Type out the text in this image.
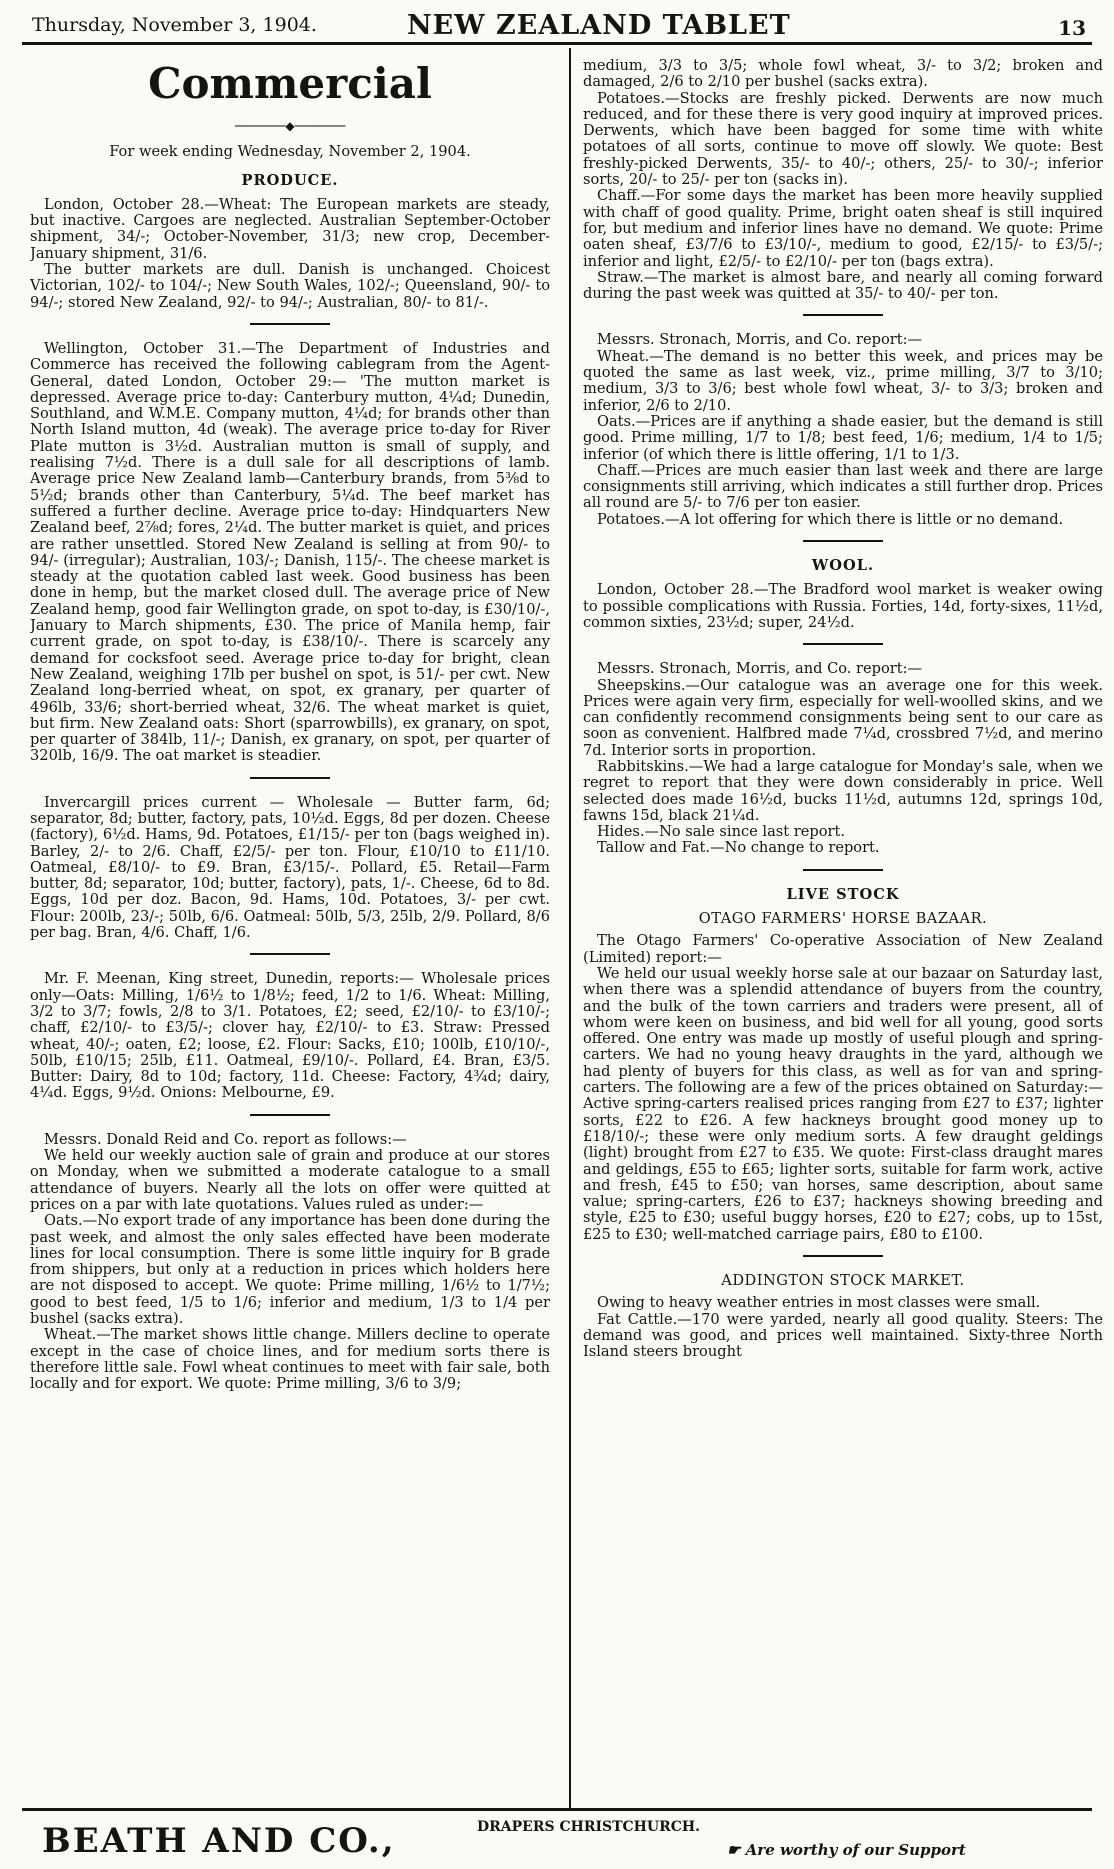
Thursday, November 3, 1904.	NEW ZEALAND TABLET	13
Commercial
───────◆───────

For week ending Wednesday, November 2, 1904.

PRODUCE.

London, October 28.—Wheat: The European markets are steady, but inactive. Cargoes are neglected. Australian September-October shipment, 34/-; October-November, 31/3; new crop, December-January shipment, 31/6.

The butter markets are dull. Danish is unchanged. Choicest Victorian, 102/- to 104/-; New South Wales, 102/-; Queensland, 90/- to 94/-; stored New Zealand, 92/- to 94/-; Australian, 80/- to 81/-.

Wellington, October 31.—The Department of Industries and Commerce has received the following cablegram from the Agent-General, dated London, October 29:— 'The mutton market is depressed. Average price to-day: Canterbury mutton, 4¼d; Dunedin, Southland, and W.M.E. Company mutton, 4¼d; for brands other than North Island mutton, 4d (weak). The average price to-day for River Plate mutton is 3½d. Australian mutton is small of supply, and realising 7½d. There is a dull sale for all descriptions of lamb. Average price New Zealand lamb—Canterbury brands, from 5⅜d to 5½d; brands other than Canterbury, 5¼d. The beef market has suffered a further decline. Average price to-day: Hindquarters New Zealand beef, 2⅞d; fores, 2¼d. The butter market is quiet, and prices are rather unsettled. Stored New Zealand is selling at from 90/- to 94/- (irregular); Australian, 103/-; Danish, 115/-. The cheese market is steady at the quotation cabled last week. Good business has been done in hemp, but the market closed dull. The average price of New Zealand hemp, good fair Wellington grade, on spot to-day, is £30/10/-, January to March shipments, £30. The price of Manila hemp, fair current grade, on spot to-day, is £38/10/-. There is scarcely any demand for cocksfoot seed. Average price to-day for bright, clean New Zealand, weighing 17lb per bushel on spot, is 51/- per cwt. New Zealand long-berried wheat, on spot, ex granary, per quarter of 496lb, 33/6; short-berried wheat, 32/6. The wheat market is quiet, but firm. New Zealand oats: Short (sparrowbills), ex granary, on spot, per quarter of 384lb, 11/-; Danish, ex granary, on spot, per quarter of 320lb, 16/9. The oat market is steadier.

Invercargill prices current — Wholesale — Butter farm, 6d; separator, 8d; butter, factory, pats, 10½d. Eggs, 8d per dozen. Cheese (factory), 6½d. Hams, 9d. Potatoes, £1/15/- per ton (bags weighed in). Barley, 2/- to 2/6. Chaff, £2/5/- per ton. Flour, £10/10 to £11/10. Oatmeal, £8/10/- to £9. Bran, £3/15/-. Pollard, £5. Retail—Farm butter, 8d; separator, 10d; butter, factory), pats, 1/-. Cheese, 6d to 8d. Eggs, 10d per doz. Bacon, 9d. Hams, 10d. Potatoes, 3/- per cwt. Flour: 200lb, 23/-; 50lb, 6/6. Oatmeal: 50lb, 5/3, 25lb, 2/9. Pollard, 8/6 per bag. Bran, 4/6. Chaff, 1/6.

Mr. F. Meenan, King street, Dunedin, reports:— Wholesale prices only—Oats: Milling, 1/6½ to 1/8½; feed, 1/2 to 1/6. Wheat: Milling, 3/2 to 3/7; fowls, 2/8 to 3/1. Potatoes, £2; seed, £2/10/- to £3/10/-; chaff, £2/10/- to £3/5/-; clover hay, £2/10/- to £3. Straw: Pressed wheat, 40/-; oaten, £2; loose, £2. Flour: Sacks, £10; 100lb, £10/10/-, 50lb, £10/15; 25lb, £11. Oatmeal, £9/10/-. Pollard, £4. Bran, £3/5. Butter: Dairy, 8d to 10d; factory, 11d. Cheese: Factory, 4¾d; dairy, 4¼d. Eggs, 9½d. Onions: Melbourne, £9.

Messrs. Donald Reid and Co. report as follows:—

We held our weekly auction sale of grain and produce at our stores on Monday, when we submitted a moderate catalogue to a small attendance of buyers. Nearly all the lots on offer were quitted at prices on a par with late quotations. Values ruled as under:—

Oats.—No export trade of any importance has been done during the past week, and almost the only sales effected have been moderate lines for local consumption. There is some little inquiry for B grade from shippers, but only at a reduction in prices which holders here are not disposed to accept. We quote: Prime milling, 1/6½ to 1/7½; good to best feed, 1/5 to 1/6; inferior and medium, 1/3 to 1/4 per bushel (sacks extra).

Wheat.—The market shows little change. Millers decline to operate except in the case of choice lines, and for medium sorts there is therefore little sale. Fowl wheat continues to meet with fair sale, both locally and for export. We quote: Prime milling, 3/6 to 3/9;

medium, 3/3 to 3/5; whole fowl wheat, 3/- to 3/2; broken and damaged, 2/6 to 2/10 per bushel (sacks extra).

Potatoes.—Stocks are freshly picked. Derwents are now much reduced, and for these there is very good inquiry at improved prices. Derwents, which have been bagged for some time with white potatoes of all sorts, continue to move off slowly. We quote: Best freshly-picked Derwents, 35/- to 40/-; others, 25/- to 30/-; inferior sorts, 20/- to 25/- per ton (sacks in).

Chaff.—For some days the market has been more heavily supplied with chaff of good quality. Prime, bright oaten sheaf is still inquired for, but medium and inferior lines have no demand. We quote: Prime oaten sheaf, £3/7/6 to £3/10/-, medium to good, £2/15/- to £3/5/-; inferior and light, £2/5/- to £2/10/- per ton (bags extra).

Straw.—The market is almost bare, and nearly all coming forward during the past week was quitted at 35/- to 40/- per ton.

Messrs. Stronach, Morris, and Co. report:—

Wheat.—The demand is no better this week, and prices may be quoted the same as last week, viz., prime milling, 3/7 to 3/10; medium, 3/3 to 3/6; best whole fowl wheat, 3/- to 3/3; broken and inferior, 2/6 to 2/10.

Oats.—Prices are if anything a shade easier, but the demand is still good. Prime milling, 1/7 to 1/8; best feed, 1/6; medium, 1/4 to 1/5; inferior (of which there is little offering, 1/1 to 1/3.

Chaff.—Prices are much easier than last week and there are large consignments still arriving, which indicates a still further drop. Prices all round are 5/- to 7/6 per ton easier.

Potatoes.—A lot offering for which there is little or no demand.

WOOL.

London, October 28.—The Bradford wool market is weaker owing to possible complications with Russia. Forties, 14d, forty-sixes, 11½d, common sixties, 23½d; super, 24½d.

Messrs. Stronach, Morris, and Co. report:—

Sheepskins.—Our catalogue was an average one for this week. Prices were again very firm, especially for well-woolled skins, and we can confidently recommend consignments being sent to our care as soon as convenient. Halfbred made 7¼d, crossbred 7½d, and merino 7d. Interior sorts in proportion.

Rabbitskins.—We had a large catalogue for Monday's sale, when we regret to report that they were down considerably in price. Well selected does made 16½d, bucks 11½d, autumns 12d, springs 10d, fawns 15d, black 21¼d.

Hides.—No sale since last report.

Tallow and Fat.—No change to report.

LIVE STOCK
OTAGO FARMERS' HORSE BAZAAR.

The Otago Farmers' Co-operative Association of New Zealand (Limited) report:—

We held our usual weekly horse sale at our bazaar on Saturday last, when there was a splendid attendance of buyers from the country, and the bulk of the town carriers and traders were present, all of whom were keen on business, and bid well for all young, good sorts offered. One entry was made up mostly of useful plough and spring-carters. We had no young heavy draughts in the yard, although we had plenty of buyers for this class, as well as for van and spring-carters. The following are a few of the prices obtained on Saturday:—Active spring-carters realised prices ranging from £27 to £37; lighter sorts, £22 to £26. A few hackneys brought good money up to £18/10/-; these were only medium sorts. A few draught geldings (light) brought from £27 to £35. We quote: First-class draught mares and geldings, £55 to £65; lighter sorts, suitable for farm work, active and fresh, £45 to £50; van horses, same description, about same value; spring-carters, £26 to £37; hackneys showing breeding and style, £25 to £30; useful buggy horses, £20 to £27; cobs, up to 15st, £25 to £30; well-matched carriage pairs, £80 to £100.

ADDINGTON STOCK MARKET.

Owing to heavy weather entries in most classes were small.

Fat Cattle.—170 were yarded, nearly all good quality. Steers: The demand was good, and prices well maintained. Sixty-three North Island steers brought

BEATH AND CO.,	DRAPERS CHRISTCHURCH.
☛ Are worthy of our Support
